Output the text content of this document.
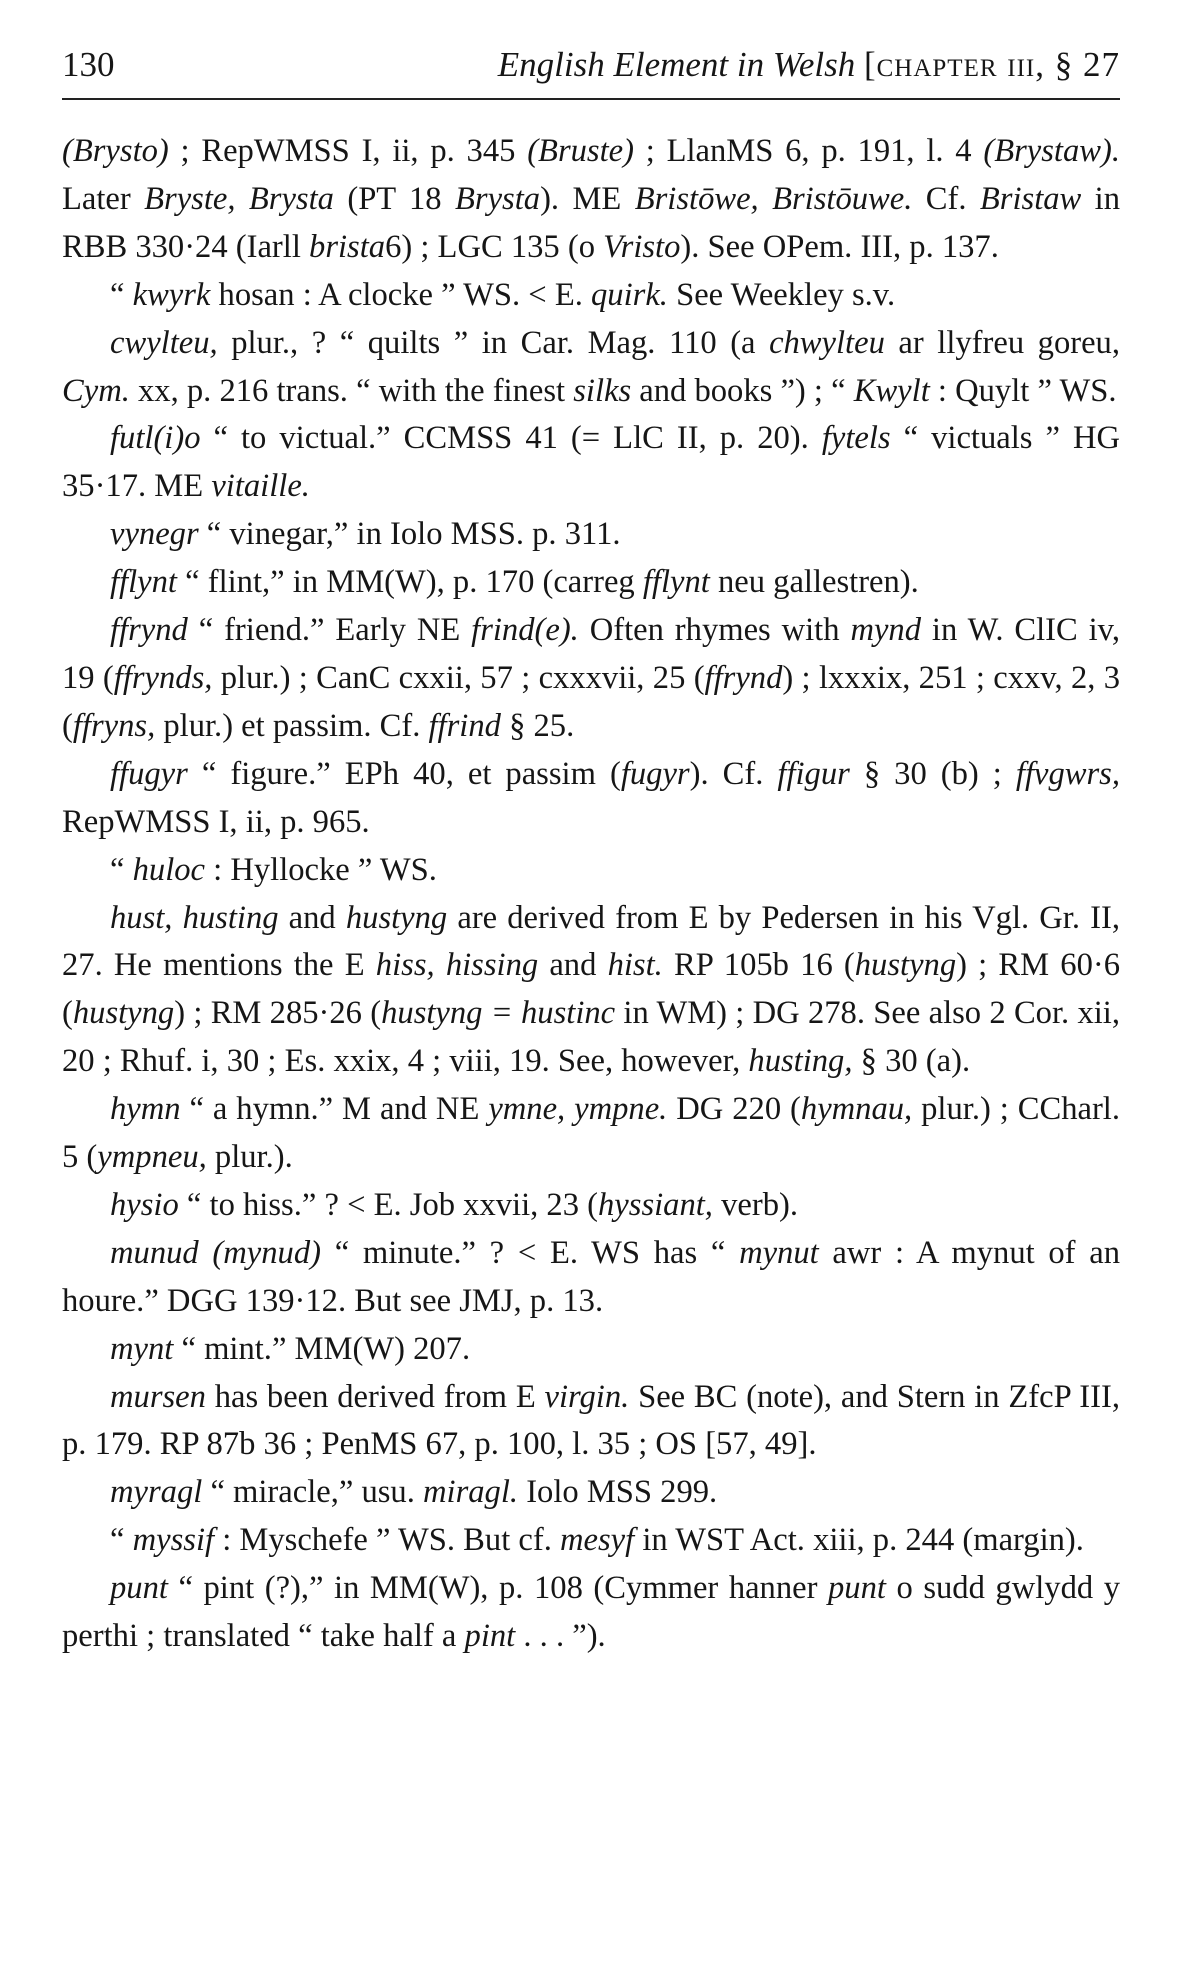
130	English Element in Welsh [chapter iii, § 27

(Brysto) ; RepWMSS I, ii, p. 345 (Bruste) ; LlanMS 6, p. 191, l. 4 (Brystaw). Later Bryste, Brysta (PT 18 Brysta). ME Bristōwe, Bristōuwe. Cf. Bristaw in RBB 330·24 (Iarll brista6) ; LGC 135 (o Vristo). See OPem. III, p. 137.

“ kwyrk hosan : A clocke ” WS. < E. quirk. See Weekley s.v.

cwylteu, plur., ? “ quilts ” in Car. Mag. 110 (a chwylteu ar llyfreu goreu, Cym. xx, p. 216 trans. “ with the finest silks and books ”) ; “ Kwylt : Quylt ” WS.

futl(i)o “ to victual.” CCMSS 41 (= LlC II, p. 20). fytels “ victuals ” HG 35·17. ME vitaille.

vynegr “ vinegar,” in Iolo MSS. p. 311.

fflynt “ flint,” in MM(W), p. 170 (carreg fflynt neu gallestren).

ffrynd “ friend.” Early NE frind(e). Often rhymes with mynd in W. ClIC iv, 19 (ffrynds, plur.) ; CanC cxxii, 57 ; cxxxvii, 25 (ffrynd) ; lxxxix, 251 ; cxxv, 2, 3 (ffryns, plur.) et passim. Cf. ffrind § 25.

ffugyr “ figure.” EPh 40, et passim (fugyr). Cf. ffigur § 30 (b) ; ffvgwrs, RepWMSS I, ii, p. 965.

“ huloc : Hyllocke ” WS.

hust, husting and hustyng are derived from E by Pedersen in his Vgl. Gr. II, 27. He mentions the E hiss, hissing and hist. RP 105b 16 (hustyng) ; RM 60·6 (hustyng) ; RM 285·26 (hustyng = hustinc in WM) ; DG 278. See also 2 Cor. xii, 20 ; Rhuf. i, 30 ; Es. xxix, 4 ; viii, 19. See, however, husting, § 30 (a).

hymn “ a hymn.” M and NE ymne, ympne. DG 220 (hymnau, plur.) ; CCharl. 5 (ympneu, plur.).

hysio “ to hiss.” ? < E. Job xxvii, 23 (hyssiant, verb).

munud (mynud) “ minute.” ? < E. WS has “ mynut awr : A mynut of an houre.” DGG 139·12. But see JMJ, p. 13.

mynt “ mint.” MM(W) 207.

mursen has been derived from E virgin. See BC (note), and Stern in ZfcP III, p. 179. RP 87b 36 ; PenMS 67, p. 100, l. 35 ; OS [57, 49].

myragl “ miracle,” usu. miragl. Iolo MSS 299.

“ myssif : Myschefe ” WS. But cf. mesyf in WST Act. xiii, p. 244 (margin).

punt “ pint (?),” in MM(W), p. 108 (Cymmer hanner punt o sudd gwlydd y perthi ; translated “ take half a pint . . . ”).
